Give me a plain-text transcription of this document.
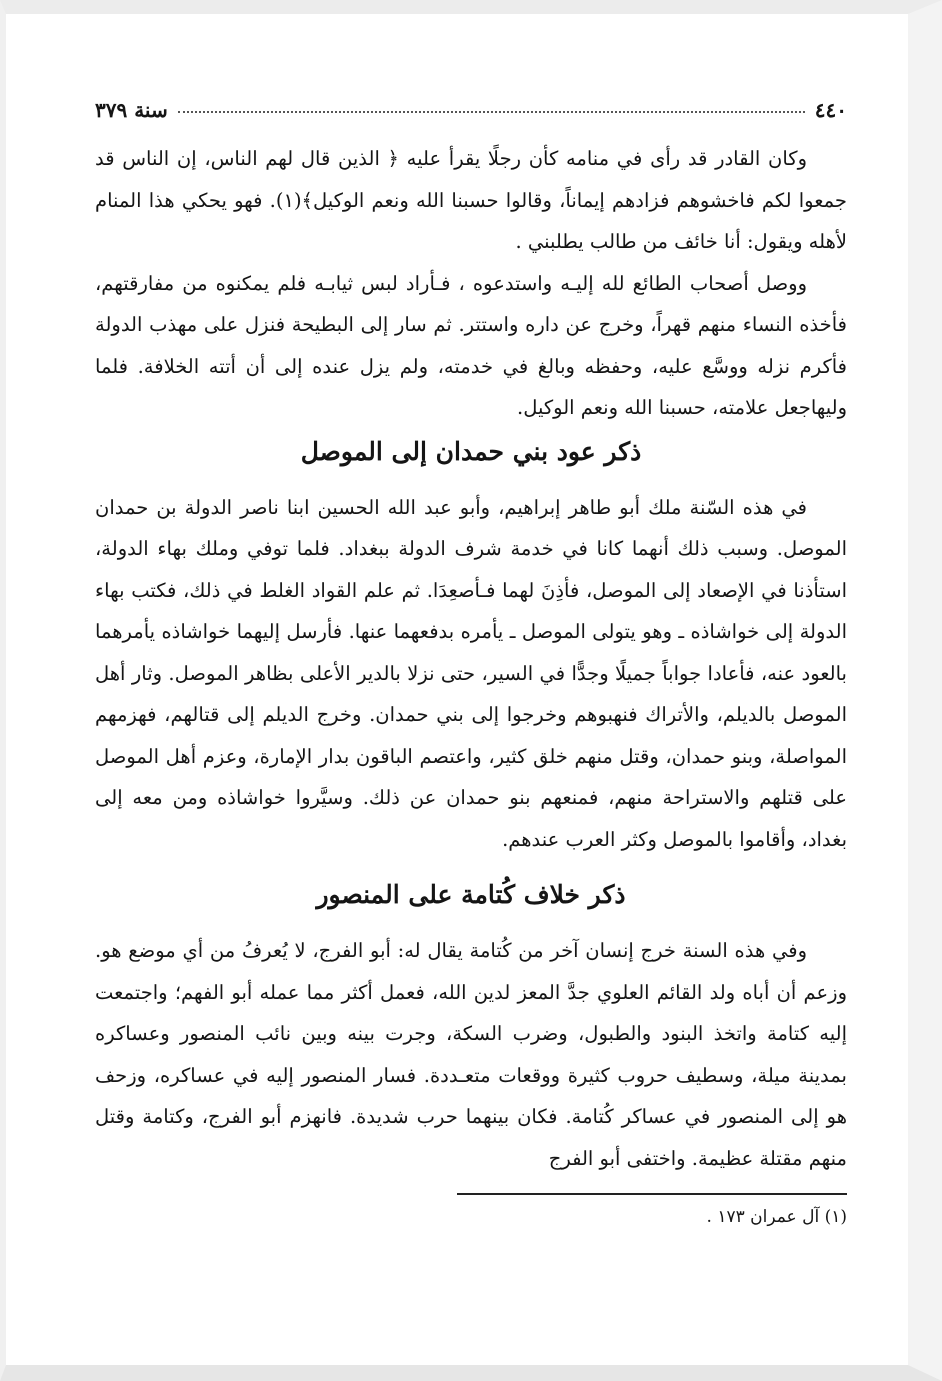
٤٤٠
سنة ٣٧٩

وكان القادر قد رأى في منامه كأن رجلًا يقرأ عليه ﴿ الذين قال لهم الناس، إن الناس قد جمعوا لكم فاخشوهم فزادهم إيماناً، وقالوا حسبنا الله ونعم الوكيل﴾(١). فهو يحكي هذا المنام لأهله ويقول: أنا خائف من طالب يطلبني .

ووصل أصحاب الطائع لله إليـه واستدعوه ، فـأراد لبس ثيابـه فلم يمكنوه من مفارقتهم، فأخذه النساء منهم قهراً، وخرج عن داره واستتر. ثم سار إلى البطيحة فنزل على مهذب الدولة فأكرم نزله ووسَّع عليه، وحفظه وبالغ في خدمته، ولم يزل عنده إلى أن أتته الخلافة. فلما وليهاجعل علامته، حسبنا الله ونعم الوكيل.

ذكر عود بني حمدان إلى الموصل

في هذه السّنة ملك أبو طاهر إبراهيم، وأبو عبد الله الحسين ابنا ناصر الدولة بن حمدان الموصل. وسبب ذلك أنهما كانا في خدمة شرف الدولة ببغداد. فلما توفي وملك بهاء الدولة، استأذنا في الإصعاد إلى الموصل، فأذِنَ لهما فـأصعِدَا. ثم علم القواد الغلط في ذلك، فكتب بهاء الدولة إلى خواشاذه ـ وهو يتولى الموصل ـ يأمره بدفعهما عنها. فأرسل إليهما خواشاذه يأمرهما بالعود عنه، فأعادا جواباً جميلًا وجدًّا في السير، حتى نزلا بالدير الأعلى بظاهر الموصل. وثار أهل الموصل بالديلم، والأتراك فنهبوهم وخرجوا إلى بني حمدان. وخرج الديلم إلى قتالهم، فهزمهم المواصلة، وبنو حمدان، وقتل منهم خلق كثير، واعتصم الباقون بدار الإمارة، وعزم أهل الموصل على قتلهم والاستراحة منهم، فمنعهم بنو حمدان عن ذلك. وسيَّروا خواشاذه ومن معه إلى بغداد، وأقاموا بالموصل وكثر العرب عندهم.

ذكر خلاف كُتامة على المنصور

وفي هذه السنة خرج إنسان آخر من كُتامة يقال له: أبو الفرج، لا يُعرفُ من أي موضع هو. وزعم أن أباه ولد القائم العلوي جدَّ المعز لدين الله، فعمل أكثر مما عمله أبو الفهم؛ واجتمعت إليه كتامة واتخذ البنود والطبول، وضرب السكة، وجرت بينه وبين نائب المنصور وعساكره بمدينة ميلة، وسطيف حروب كثيرة ووقعات متعـددة. فسار المنصور إليه في عساكره، وزحف هو إلى المنصور في عساكر كُتامة. فكان بينهما حرب شديدة. فانهزم أبو الفرج، وكتامة وقتل منهم مقتلة عظيمة. واختفى أبو الفرج

(١) آل عمران ١٧٣ .
